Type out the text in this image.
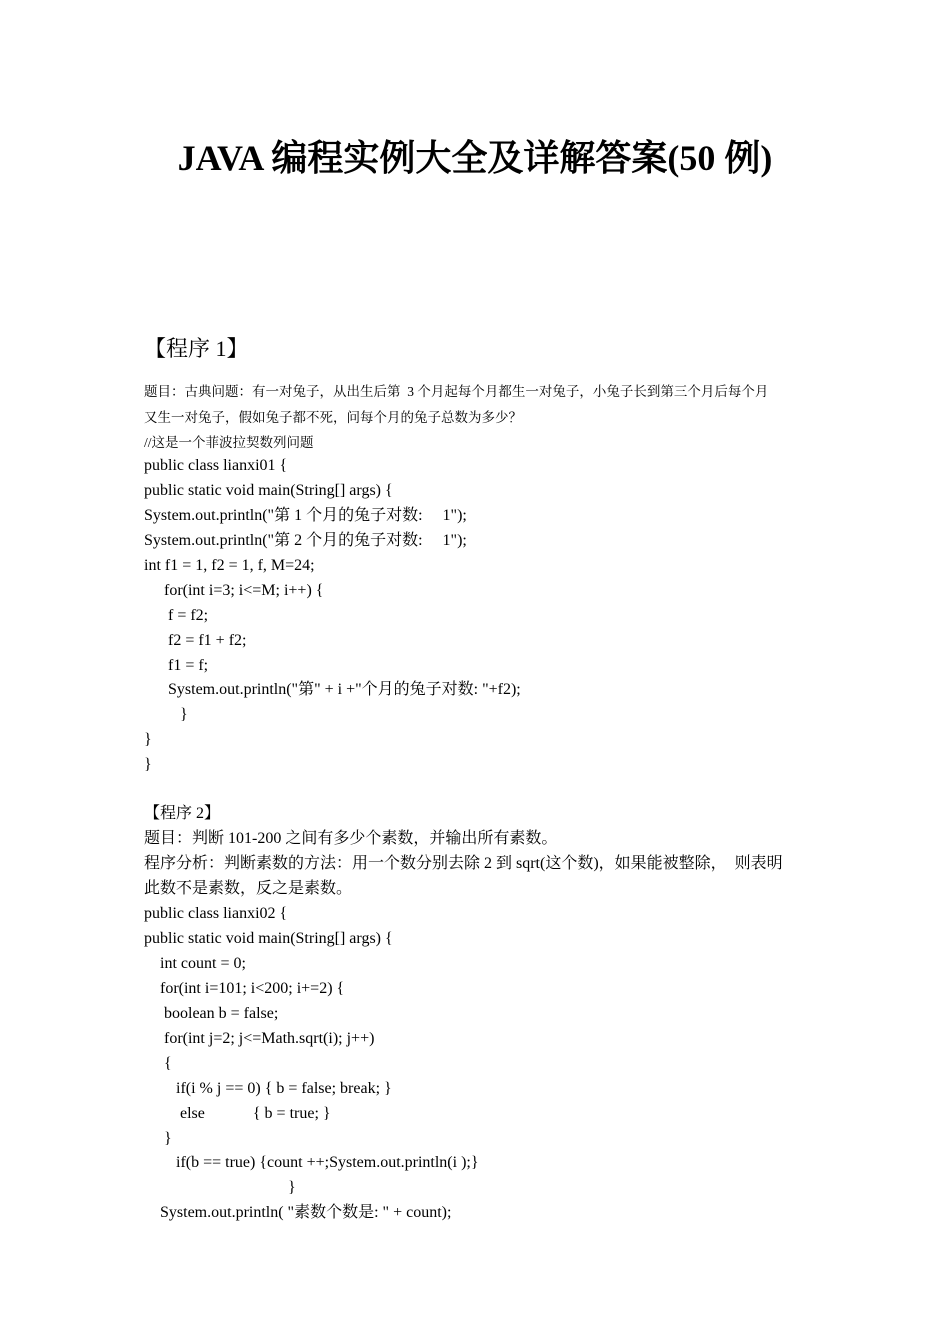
JAVA 编程实例大全及详解答案(50 例)
【程序 1】
题目：古典问题：有一对兔子，从出生后第  3 个月起每个月都生一对兔子，小兔子长到第三个月后每个月
又生一对兔子，假如兔子都不死，问每个月的兔子总数为多少？
//这是一个菲波拉契数列问题
public class lianxi01 {
public static void main(String[] args) {
System.out.println("第 1 个月的兔子对数:     1");
System.out.println("第 2 个月的兔子对数:     1");
int f1 = 1, f2 = 1, f, M=24;
for(int i=3; i<=M; i++) {
f = f2;
f2 = f1 + f2;
f1 = f;
System.out.println("第" + i +"个月的兔子对数: "+f2);
}
}
}
【程序 2】
题目：判断 101-200 之间有多少个素数，并输出所有素数。
程序分析：判断素数的方法：用一个数分别去除 2 到 sqrt(这个数)，如果能被整除，  则表明
此数不是素数，反之是素数。
public class lianxi02 {
public static void main(String[] args) {
int count = 0;
for(int i=101; i<200; i+=2) {
boolean b = false;
for(int j=2; j<=Math.sqrt(i); j++)
{
if(i % j == 0) { b = false; break; }
else            { b = true; }
}
if(b == true) {count ++;System.out.println(i );}
}
System.out.println( "素数个数是: " + count);
